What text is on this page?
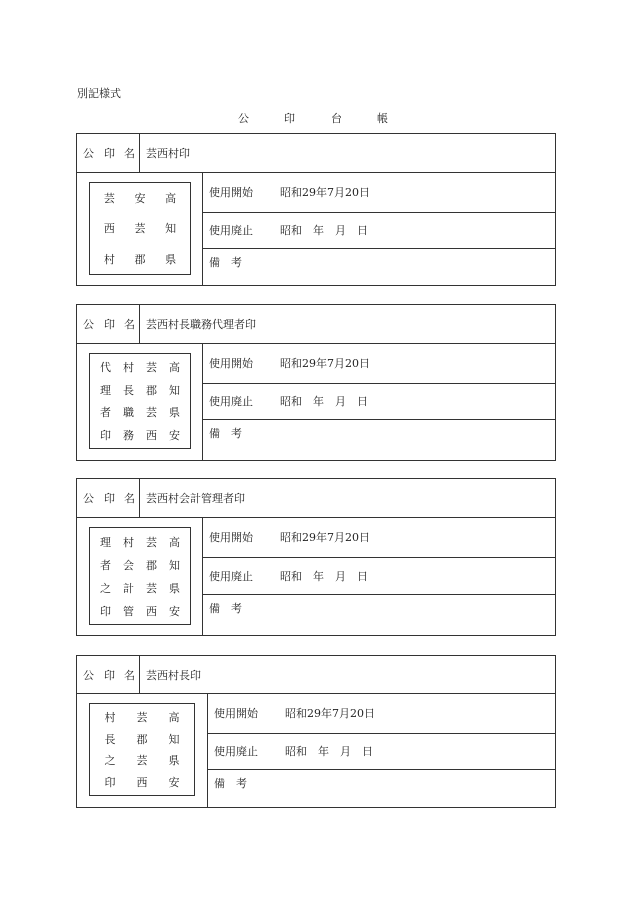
別記様式
公	印	台	帳
公 印 名 芸西村印
芸 安 高
西 芸 知
村 郡 県
使用開始 昭和29年7月20日
使用廃止 昭和　年　月　日
備　考
公 印 名 芸西村長職務代理者印
代 村 芸 高
理 長 郡 知
者 職 芸 県
印 務 西 安
使用開始 昭和29年7月20日
使用廃止 昭和　年　月　日
備　考
公 印 名 芸西村会計管理者印
理 村 芸 高
者 会 郡 知
之 計 芸 県
印 管 西 安
使用開始 昭和29年7月20日
使用廃止 昭和　年　月　日
備　考
公 印 名 芸西村長印
村 芸 高
長 郡 知
之 芸 県
印 西 安
使用開始 昭和29年7月20日
使用廃止 昭和　年　月　日
備　考
